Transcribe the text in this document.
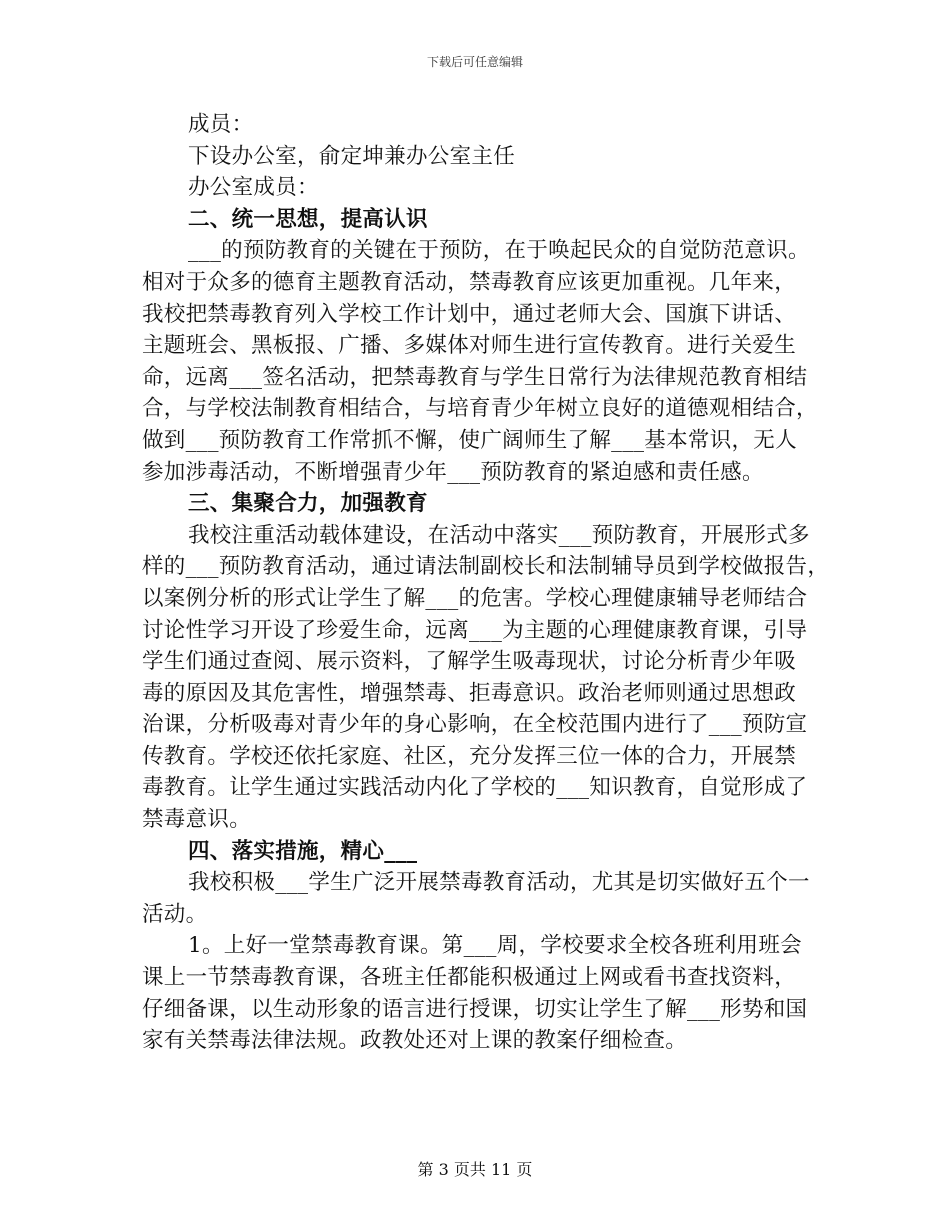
下载后可任意编辑
成员：
下设办公室，俞定坤兼办公室主任
办公室成员：
二、统一思想，提高认识
___的预防教育的关键在于预防，在于唤起民众的自觉防范意识。
相对于众多的德育主题教育活动，禁毒教育应该更加重视。几年来，
我校把禁毒教育列入学校工作计划中，通过老师大会、国旗下讲话、
主题班会、黑板报、广播、多媒体对师生进行宣传教育。进行关爱生
命，远离___签名活动，把禁毒教育与学生日常行为法律规范教育相结
合，与学校法制教育相结合，与培育青少年树立良好的道德观相结合，
做到___预防教育工作常抓不懈，使广阔师生了解___基本常识，无人
参加涉毒活动，不断增强青少年___预防教育的紧迫感和责任感。
三、集聚合力，加强教育
我校注重活动载体建设，在活动中落实___预防教育，开展形式多
样的___预防教育活动，通过请法制副校长和法制辅导员到学校做报告，
以案例分析的形式让学生了解___的危害。学校心理健康辅导老师结合
讨论性学习开设了珍爱生命，远离___为主题的心理健康教育课，引导
学生们通过查阅、展示资料，了解学生吸毒现状，讨论分析青少年吸
毒的原因及其危害性，增强禁毒、拒毒意识。政治老师则通过思想政
治课，分析吸毒对青少年的身心影响，在全校范围内进行了___预防宣
传教育。学校还依托家庭、社区，充分发挥三位一体的合力，开展禁
毒教育。让学生通过实践活动内化了学校的___知识教育，自觉形成了
禁毒意识。
四、落实措施，精心___
我校积极___学生广泛开展禁毒教育活动，尤其是切实做好五个一
活动。
1。上好一堂禁毒教育课。第___周，学校要求全校各班利用班会
课上一节禁毒教育课，各班主任都能积极通过上网或看书查找资料，
仔细备课，以生动形象的语言进行授课，切实让学生了解___形势和国
家有关禁毒法律法规。政教处还对上课的教案仔细检查。
第 3 页共 11 页
